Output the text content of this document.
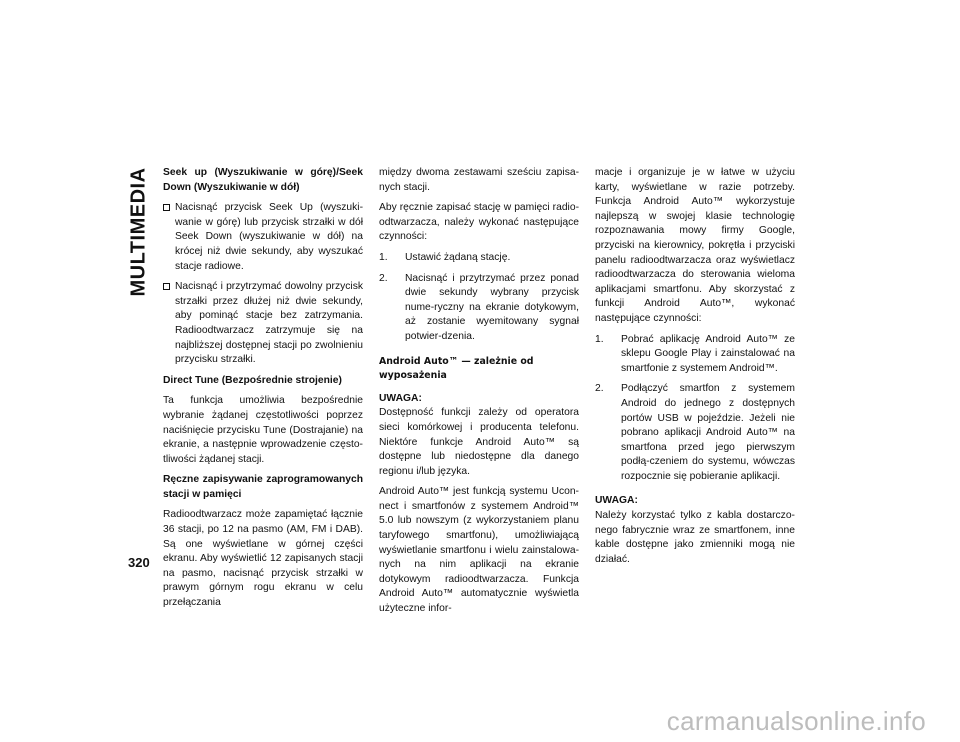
MULTIMEDIA Seek up (Wyszukiwanie w górę)/Seek Down (Wyszukiwanie w dół)
Nacisnąć przycisk Seek Up (wyszuki-wanie w górę) lub przycisk strzałki w dół Seek Down (wyszukiwanie w dół) na krócej niż dwie sekundy, aby wyszukać stacje radiowe.
Nacisnąć i przytrzymać dowolny przycisk strzałki przez dłużej niż dwie sekundy, aby pominąć stacje bez zatrzymania. Radioodtwarzacz zatrzymuje się na najbliższej dostępnej stacji po zwolnieniu przycisku strzałki.
Direct Tune (Bezpośrednie strojenie)

Ta funkcja umożliwia bezpośrednie wybranie żądanej częstotliwości poprzez naciśnięcie przycisku Tune (Dostrajanie) na ekranie, a następnie wprowadzenie często-tliwości żądanej stacji.

Ręczne zapisywanie zaprogramowanych stacji w pamięci

Radioodtwarzacz może zapamiętać łącznie 36 stacji, po 12 na pasmo (AM, FM i DAB). Są one wyświetlane w górnej części ekranu. Aby wyświetlić 12 zapisanych stacji na pasmo, nacisnąć przycisk strzałki w prawym górnym rogu ekranu w celu przełączania

między dwoma zestawami sześciu zapisa-nych stacji.

Aby ręcznie zapisać stację w pamięci radio-odtwarzacza, należy wykonać następujące czynności:

1. Ustawić żądaną stację.
2. Nacisnąć i przytrzymać przez ponad dwie sekundy wybrany przycisk nume-ryczny na ekranie dotykowym, aż zostanie wyemitowany sygnał potwier-dzenia.
Android Auto™ — zależnie od wyposażenia
UWAGA:

Dostępność funkcji zależy od operatora sieci komórkowej i producenta telefonu. Niektóre funkcje Android Auto™ są dostępne lub niedostępne dla danego regionu i/lub języka.

Android Auto™ jest funkcją systemu Ucon-nect i smartfonów z systemem Android™ 5.0 lub nowszym (z wykorzystaniem planu taryfowego smartfonu), umożliwiającą wyświetlanie smartfonu i wielu zainstalowa-nych na nim aplikacji na ekranie dotykowym radioodtwarzacza. Funkcja Android Auto™ automatycznie wyświetla użyteczne infor-

macje i organizuje je w łatwe w użyciu karty, wyświetlane w razie potrzeby. Funkcja Android Auto™ wykorzystuje najlepszą w swojej klasie technologię rozpoznawania mowy firmy Google, przyciski na kierownicy, pokrętła i przyciski panelu radioodtwarzacza oraz wyświetlacz radioodtwarzacza do sterowania wieloma aplikacjami smartfonu. Aby skorzystać z funkcji Android Auto™, wykonać następujące czynności:

1. Pobrać aplikację Android Auto™ ze sklepu Google Play i zainstalować na smartfonie z systemem Android™.
2. Podłączyć smartfon z systemem Android do jednego z dostępnych portów USB w pojeździe. Jeżeli nie pobrano aplikacji Android Auto™ na smartfona przed jego pierwszym podłą-czeniem do systemu, wówczas rozpocznie się pobieranie aplikacji.
UWAGA:

Należy korzystać tylko z kabla dostarczo-nego fabrycznie wraz ze smartfonem, inne kable dostępne jako zmienniki mogą nie działać.

320
carmanualsonline.info
